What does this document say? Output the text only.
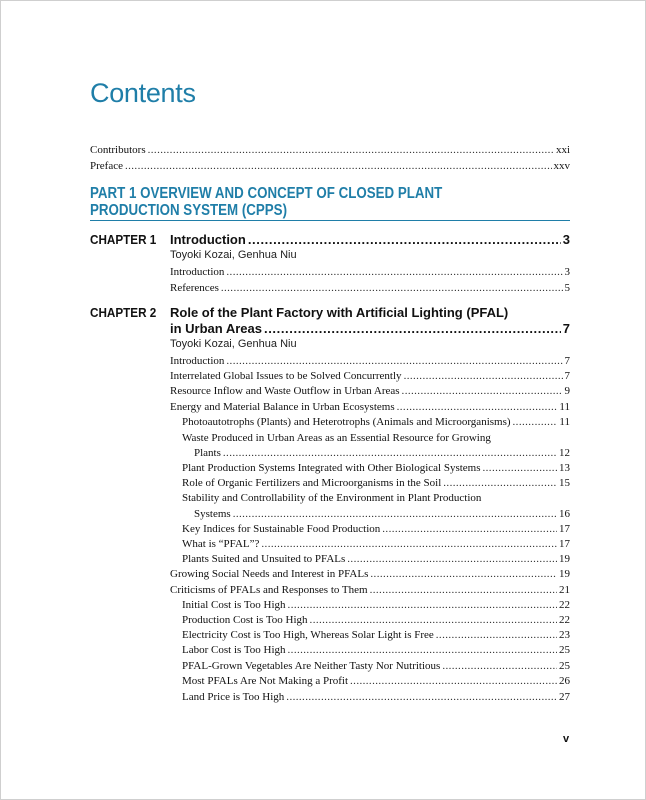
Contents
Contributors .....	xxi
Preface .....	xxv
PART 1 OVERVIEW AND CONCEPT OF CLOSED PLANT
PRODUCTION SYSTEM (CPPS)
CHAPTER 1 Introduction .....	3
Toyoki Kozai, Genhua Niu
Introduction .....	3
References .....	5
CHAPTER 2 Role of the Plant Factory with Artificial Lighting (PFAL)
in Urban Areas .....	7
Toyoki Kozai, Genhua Niu
Introduction .....	7
Interrelated Global Issues to be Solved Concurrently .....	7
Resource Inflow and Waste Outflow in Urban Areas .....	9
Energy and Material Balance in Urban Ecosystems .....	11
Photoautotrophs (Plants) and Heterotrophs (Animals and Microorganisms) .....	11
Waste Produced in Urban Areas as an Essential Resource for Growing
Plants .....	12
Plant Production Systems Integrated with Other Biological Systems .....	13
Role of Organic Fertilizers and Microorganisms in the Soil .....	15
Stability and Controllability of the Environment in Plant Production
Systems .....	16
Key Indices for Sustainable Food Production .....	17
What is “PFAL”? .....	17
Plants Suited and Unsuited to PFALs .....	19
Growing Social Needs and Interest in PFALs .....	19
Criticisms of PFALs and Responses to Them .....	21
Initial Cost is Too High .....	22
Production Cost is Too High .....	22
Electricity Cost is Too High, Whereas Solar Light is Free .....	23
Labor Cost is Too High .....	25
PFAL-Grown Vegetables Are Neither Tasty Nor Nutritious .....	25
Most PFALs Are Not Making a Profit .....	26
Land Price is Too High .....	27
v
